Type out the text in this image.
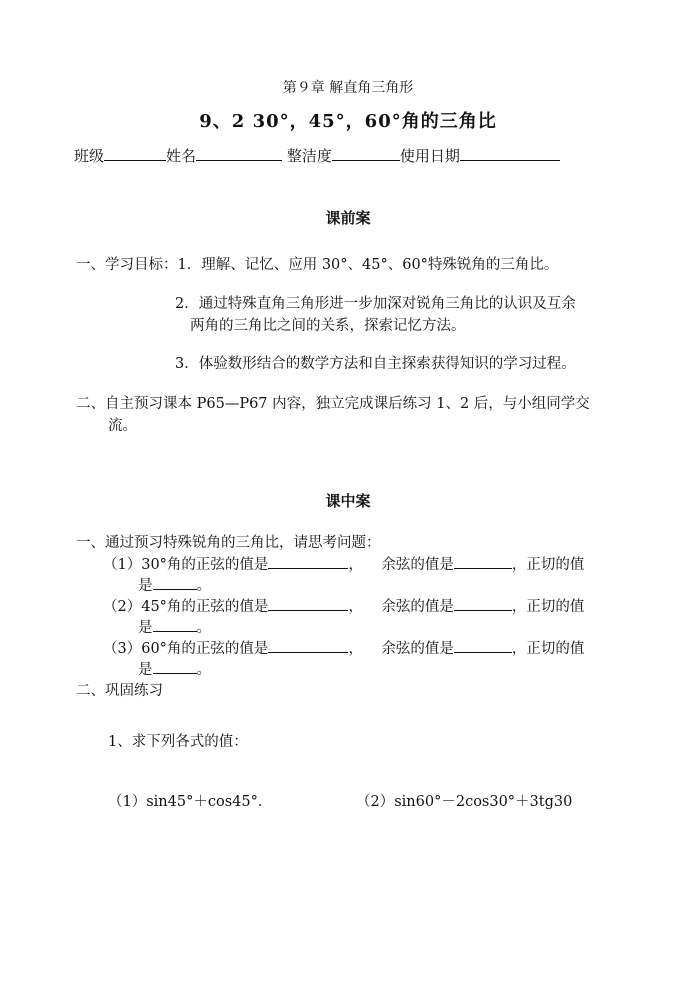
第９章 解直角三角形
9、2 30°，45°，60°角的三角比
班级	姓名	整洁度	使用日期
课前案
一、学习目标：1．理解、记忆、应用 30°、45°、60°特殊锐角的三角比。
2．通过特殊直角三角形进一步加深对锐角三角比的认识及互余
两角的三角比之间的关系，探索记忆方法。
3．体验数形结合的数学方法和自主探索获得知识的学习过程。
二、自主预习课本 P65—P67 内容，独立完成课后练习 1、2 后，与小组同学交
流。
课中案
一、通过预习特殊锐角的三角比，请思考问题：
（1）30°角的正弦的值是	， 余弦的值是	，正切的值
是	。
（2）45°角的正弦的值是	， 余弦的值是	，正切的值
是	。
（3）60°角的正弦的值是	， 余弦的值是	，正切的值
是	。
二、巩固练习
1、求下列各式的值：
（1）sin45°＋cos45°．	（2）sin60°－2cos30°＋3tg30
